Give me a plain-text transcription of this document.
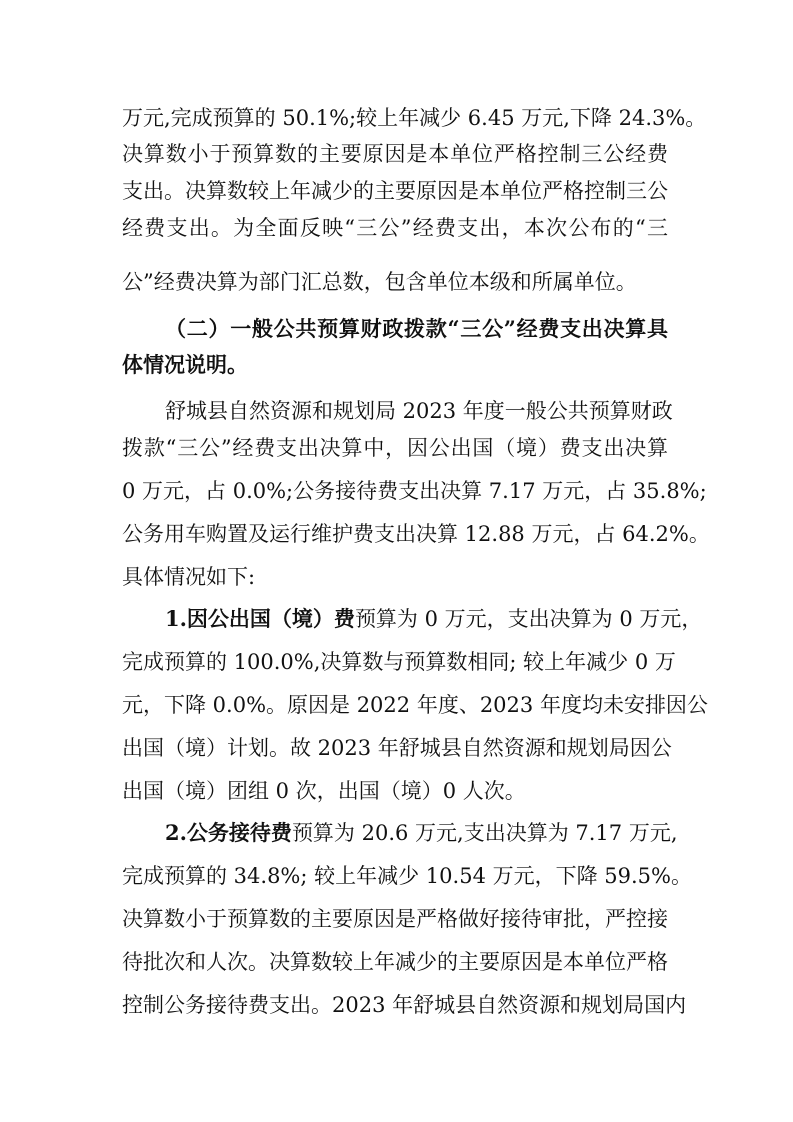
万元,完成预算的 50.1%;较上年减少 6.45 万元,下降 24.3%。
决算数小于预算数的主要原因是本单位严格控制三公经费
支出。决算数较上年减少的主要原因是本单位严格控制三公
经费支出。为全面反映“三公”经费支出，本次公布的“三
公”经费决算为部门汇总数，包含单位本级和所属单位。
（二）一般公共预算财政拨款“三公”经费支出决算具
体情况说明。
舒城县自然资源和规划局 2023 年度一般公共预算财政
拨款“三公”经费支出决算中，因公出国（境）费支出决算
0 万元，占 0.0%;公务接待费支出决算 7.17 万元，占 35.8%;
公务用车购置及运行维护费支出决算 12.88 万元，占 64.2%。
具体情况如下:
1.因公出国（境）费预算为 0 万元，支出决算为 0 万元，
完成预算的 100.0%,决算数与预算数相同; 较上年减少 0 万
元，下降 0.0%。原因是 2022 年度、2023 年度均未安排因公
出国（境）计划。故 2023 年舒城县自然资源和规划局因公
出国（境）团组 0 次，出国（境）0 人次。
2.公务接待费预算为 20.6 万元,支出决算为 7.17 万元,
完成预算的 34.8%; 较上年减少 10.54 万元，下降 59.5%。
决算数小于预算数的主要原因是严格做好接待审批，严控接
待批次和人次。决算数较上年减少的主要原因是本单位严格
控制公务接待费支出。2023 年舒城县自然资源和规划局国内
